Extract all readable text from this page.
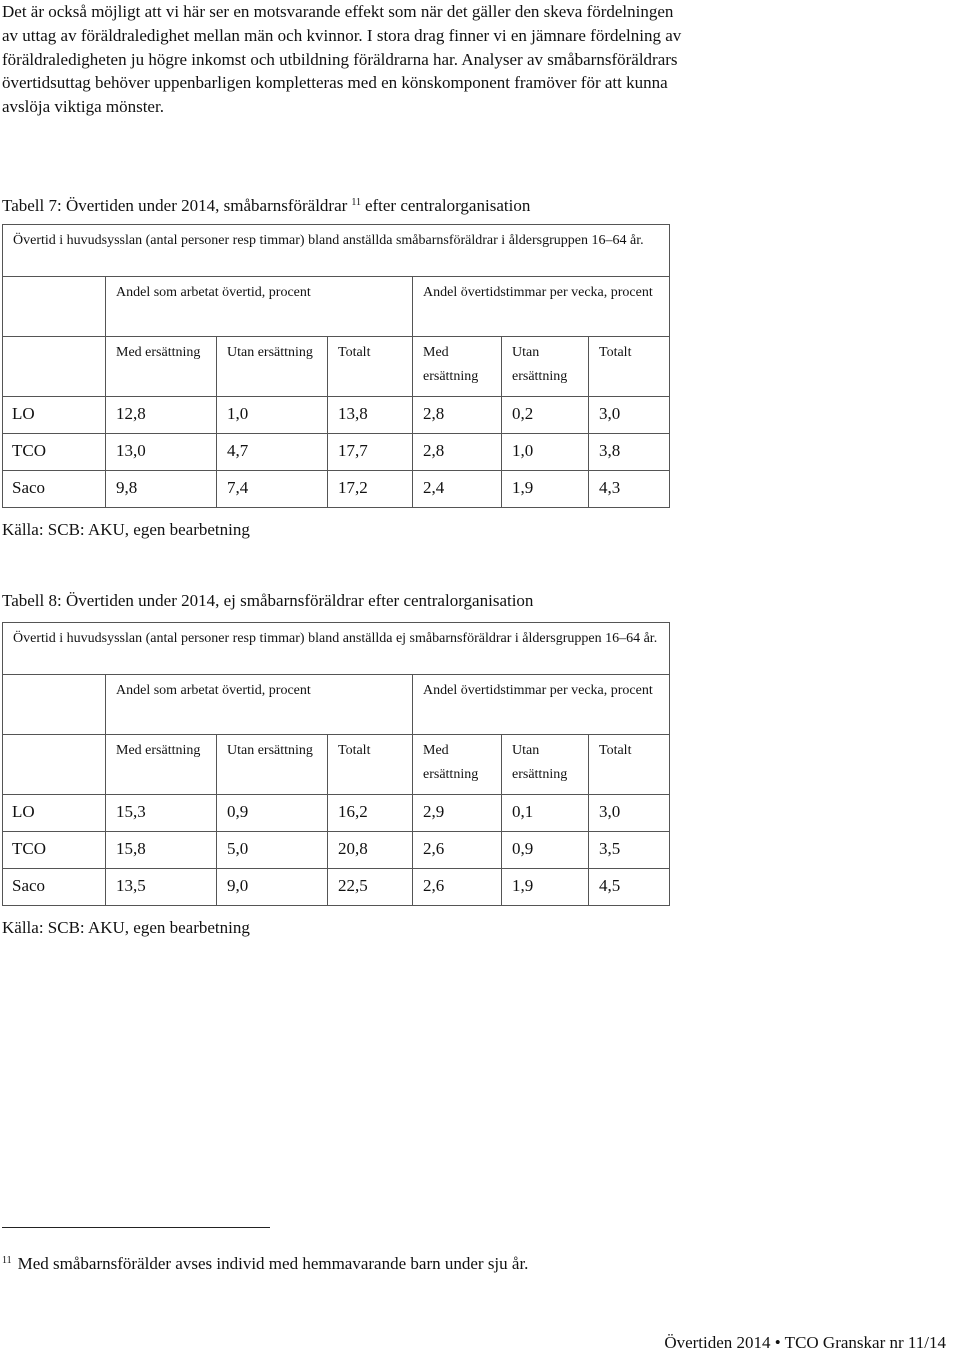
Det är också möjligt att vi här ser en motsvarande effekt som när det gäller den skeva fördelningen av uttag av föräldraledighet mellan män och kvinnor. I stora drag finner vi en jämnare fördelning av föräldraledigheten ju högre inkomst och utbildning föräldrarna har. Analyser av småbarnsföräldrars övertidsuttag behöver uppenbarligen kompletteras med en könskomponent framöver för att kunna avslöja viktiga mönster.

Tabell 7: Övertiden under 2014, småbarnsföräldrar $^{11}$ efter centralorganisation
Övertid i huvudsysslan (antal personer resp timmar) bland anställda småbarnsföräldrar i åldersgruppen 16–64 år.						
	Andel som arbetat övertid, procent			Andel övertidstimmar per vecka, procent		
	Med ersättning	Utan ersättning	Totalt	Med ersättning	Utan ersättning	Totalt
LO	12,8	1,0	13,8	2,8	0,2	3,0
TCO	13,0	4,7	17,7	2,8	1,0	3,8
Saco	9,8	7,4	17,2	2,4	1,9	4,3
Källa: SCB: AKU, egen bearbetning
Tabell 8: Övertiden under 2014, ej småbarnsföräldrar efter centralorganisation
Övertid i huvudsysslan (antal personer resp timmar) bland anställda ej småbarnsföräldrar i åldersgruppen 16–64 år.						
	Andel som arbetat övertid, procent			Andel övertidstimmar per vecka, procent		
	Med ersättning	Utan ersättning	Totalt	Med ersättning	Utan ersättning	Totalt
LO	15,3	0,9	16,2	2,9	0,1	3,0
TCO	15,8	5,0	20,8	2,6	0,9	3,5
Saco	13,5	9,0	22,5	2,6	1,9	4,5
Källa: SCB: AKU, egen bearbetning
$^{11}$ Med småbarnsförälder avses individ med hemmavarande barn under sju år.
Övertiden 2014 • TCO Granskar nr 11/14
